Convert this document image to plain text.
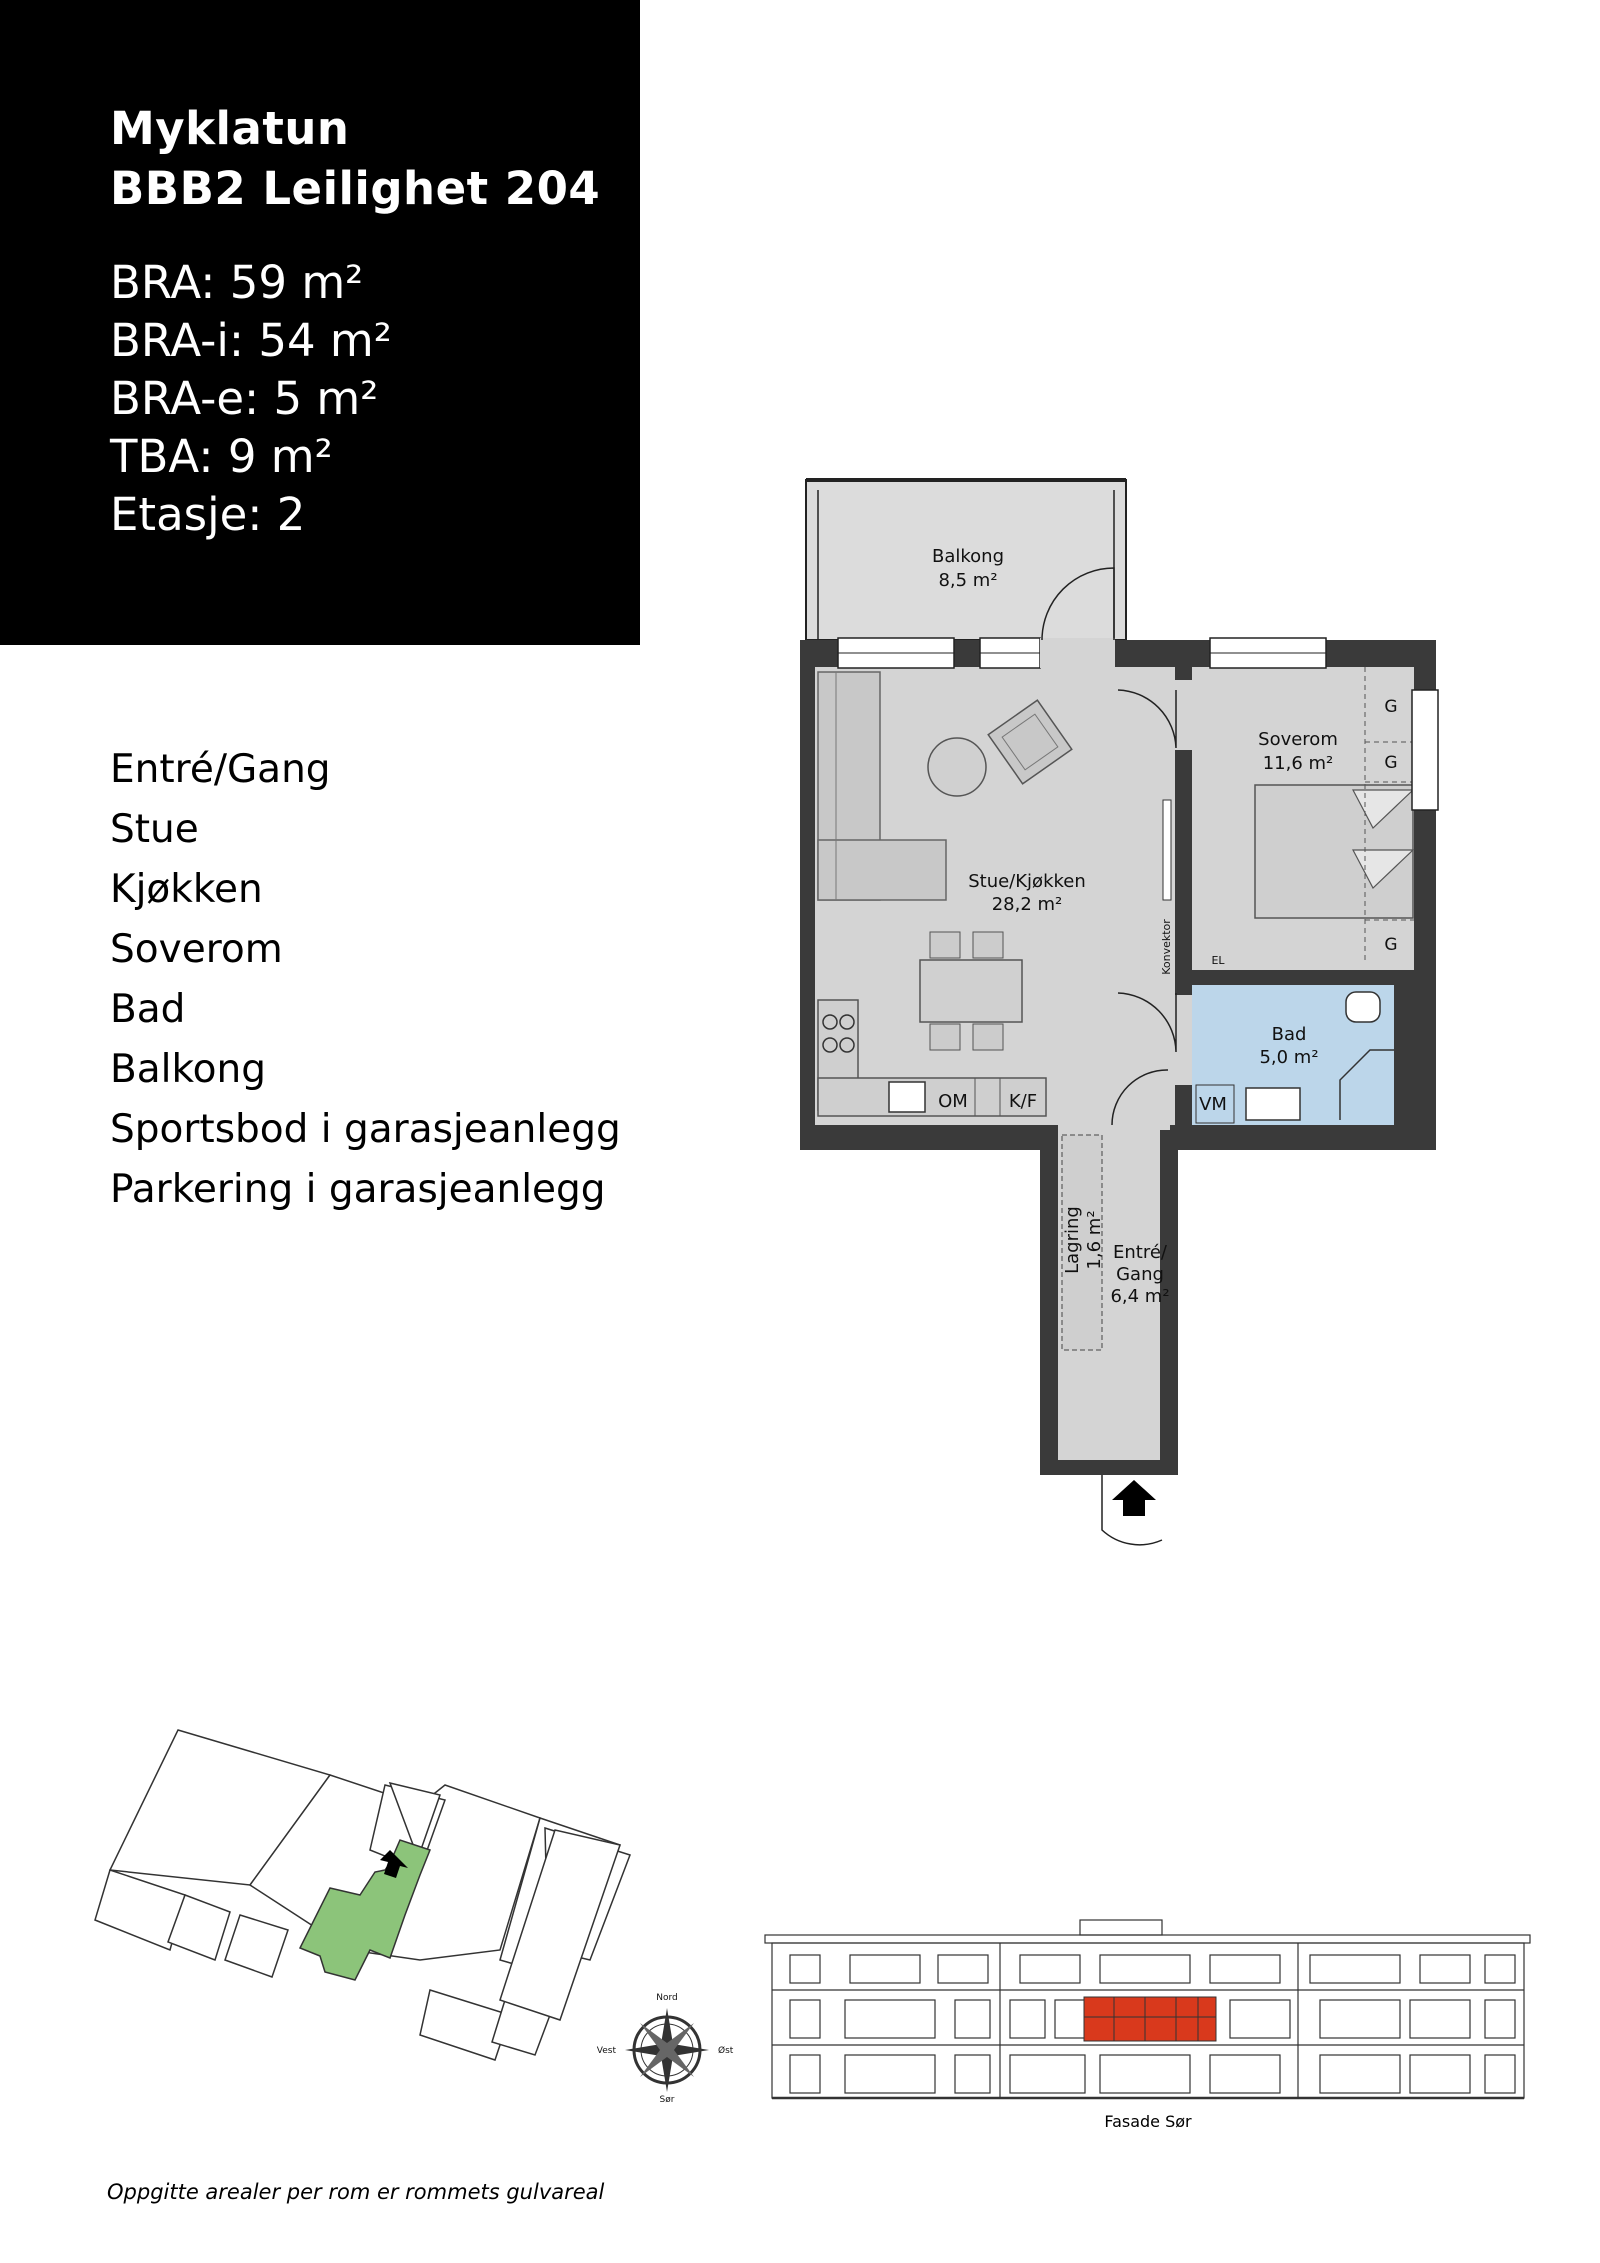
Myklatun
BBB2 Leilighet 204
BRA: 59 m²
BRA-i: 54 m²
BRA-e: 5 m²
TBA: 9 m²
Etasje: 2
Entré/Gang
Stue
Kjøkken
Soverom
Bad
Balkong
Sportsbod i garasjeanlegg
Parkering i garasjeanlegg
Balkong
8,5 m²
Stue/Kjøkken
28,2 m²
Soverom
11,6 m²
Bad
5,0 m²
Entré/
Gang
6,4 m²
Lagring 1,6 m²
G
G
G
EL
VM
OM K/F
Konvektor
Nord
Sør
Øst
Vest
Fasade Sør
Oppgitte arealer per rom er rommets gulvareal
